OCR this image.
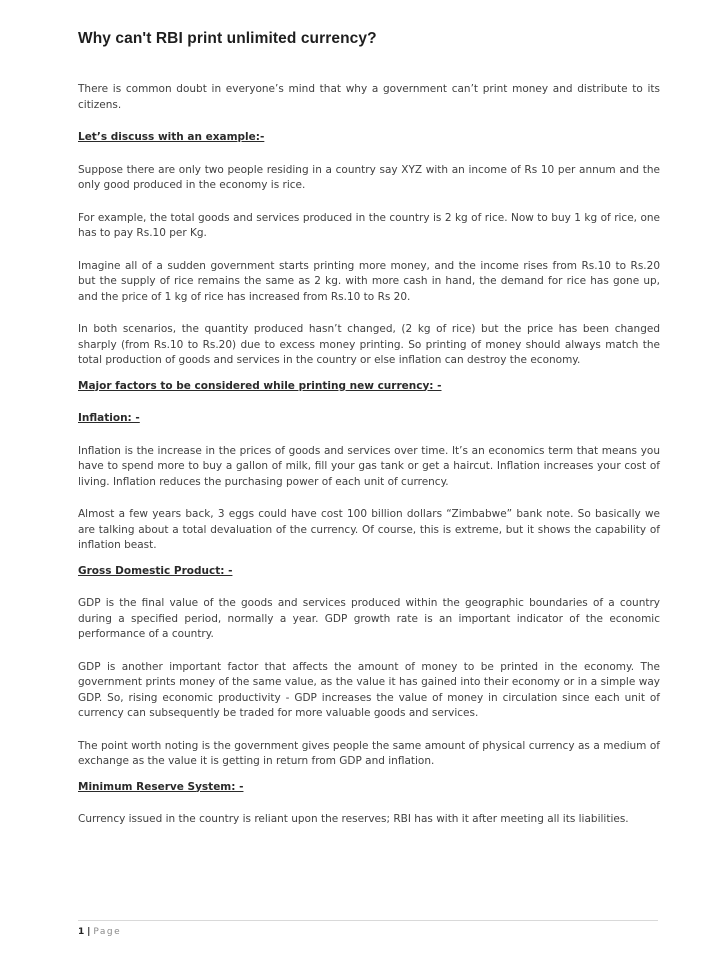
Why can't RBI print unlimited currency?

There is common doubt in everyone’s mind that why a government can’t print money and distribute to its citizens.

Let’s discuss with an example:-

Suppose there are only two people residing in a country say XYZ with an income of Rs 10 per annum and the only good produced in the economy is rice.

For example, the total goods and services produced in the country is 2 kg of rice. Now to buy 1 kg of rice, one has to pay Rs.10 per Kg.

Imagine all of a sudden government starts printing more money, and the income rises from Rs.10 to Rs.20 but the supply of rice remains the same as 2 kg. with more cash in hand, the demand for rice has gone up, and the price of 1 kg of rice has increased from Rs.10 to Rs 20.

In both scenarios, the quantity produced hasn’t changed, (2 kg of rice) but the price has been changed sharply (from Rs.10 to Rs.20) due to excess money printing. So printing of money should always match the total production of goods and services in the country or else inflation can destroy the economy.

Major factors to be considered while printing new currency: -

Inflation: -

Inflation is the increase in the prices of goods and services over time. It’s an economics term that means you have to spend more to buy a gallon of milk, fill your gas tank or get a haircut. Inflation increases your cost of living. Inflation reduces the purchasing power of each unit of currency.

Almost a few years back, 3 eggs could have cost 100 billion dollars “Zimbabwe” bank note. So basically we are talking about a total devaluation of the currency. Of course, this is extreme, but it shows the capability of inflation beast.

Gross Domestic Product: -

GDP is the final value of the goods and services produced within the geographic boundaries of a country during a specified period, normally a year. GDP growth rate is an important indicator of the economic performance of a country.

GDP is another important factor that affects the amount of money to be printed in the economy. The government prints money of the same value, as the value it has gained into their economy or in a simple way GDP. So, rising economic productivity - GDP increases the value of money in circulation since each unit of currency can subsequently be traded for more valuable goods and services.

The point worth noting is the government gives people the same amount of physical currency as a medium of exchange as the value it is getting in return from GDP and inflation.

Minimum Reserve System: -

Currency issued in the country is reliant upon the reserves; RBI has with it after meeting all its liabilities.

1 | Page
